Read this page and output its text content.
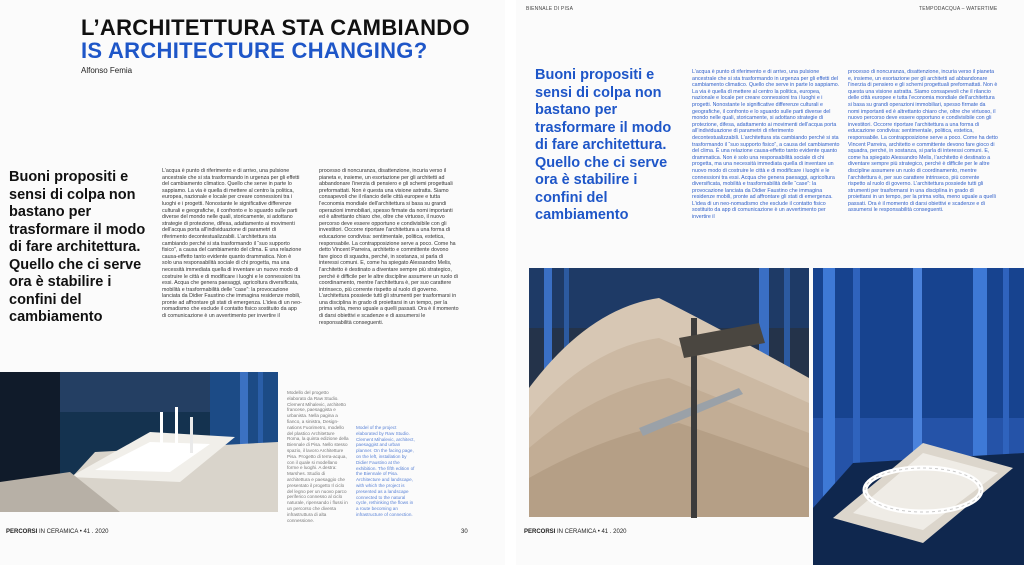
L’ARCHITETTURA STA CAMBIANDO
IS ARCHITECTURE CHANGING?
Alfonso Femia
Buoni propositi e sensi di colpa non bastano per trasformare il modo di fare architettura. Quello che ci serve ora è stabilire i confini del cambiamento
L’acqua è punto di riferimento e di arrivo, una pulsione ancestrale che si sta trasformando in urgenza per gli effetti del cambiamento climatico. Quello che serve in parte lo sappiamo. La via è quella di mettere al centro la politica, europea, nazionale e locale per creare connessioni tra i luoghi e i progetti. Nonostante le significative differenze culturali e geografiche, il confronto e lo sguardo sulle parti diverse del mondo nelle quali, storicamente, si adottano strategie di protezione, difesa, adattamento ai movimenti dell’acqua porta all’individuazione di parametri di riferimento decontestualizzabili. L’architettura sta cambiando perché si sta trasformando il “suo supporto fisico”, a causa del cambiamento del clima. E una relazione causa-effetto tanto evidente quanto drammatica. Non è solo una responsabilità sociale di chi progetta, ma una necessità immediata quella di inventare un nuovo modo di costruire le città e di modificare i luoghi e le connessioni tra essi. Acqua che genera paesaggi, agricoltura diversificata, mobilità e trasformabilità delle “case”: la provocazione lanciata da Didier Faustino che immagina residenze mobili, pronte ad affrontare gli stati di emergenza. L’idea di un neo-nomadismo che esclude il contatto fisico sostituito da app di comunicazione è un avvertimento per invertire il
processo di noncuranza, disattenzione, incuria verso il pianeta e, insieme, un esortazione per gli architetti ad abbandonare l’inerzia di pensiero e gli schemi progettuali preformattati. Non è questa una visione astratta. Siamo consapevoli che il rilancio delle città europee e tutta l’economia mondiale dell’architettura si basa su grandi operazioni immobiliari, spesso firmate da nomi importanti ed è altrettanto chiaro che, oltre che virtuoso, il nuovo percorso deve essere opportuno e condivisibile con gli investitori. Occorre riportare l’architettura a una forma di educazione condivisa: sentimentale, politica, estetica, responsabile. La contrapposizione serve a poco. Come ha detto Vincent Parreira, architetto e committente dovono fare gioco di squadra, perché, in sostanza, si parla di interessi comuni. E, come ha spiegato Alessandro Melis, l’architetto è destinato a diventare sempre più strategico, perché è difficile per le altre discipline assumere un ruolo di coordinamento, mentre l’architettura è, per suo carattere intrinseco, più corrente rispetto al ruolo di governo. L’architettura possiede tutti gli strumenti per trasformarsi in una disciplina in grado di proiettarsi in un tempo, per la prima volta, meno uguale a quelli passati. Ora è il momento di darsi obiettivi e scadenze e di assumersi le responsabilità conseguenti.
Modello del progetto elaborato da Raw Studio. Clement Mihalevic, architetto francese, paesaggista e urbanista. Nella pagina a fianco, a sinistra, Design-nations Fuorimetro, modello del plastico Architetture Roma, la quinta edizione della Biennale di Pisa. Nello stesso spazio, il lavoro Architetture Pisa. Progetto di terra-acqua, con il quale si modellano forme e luoghi. A destra: Marshes. Studio di architettura e paesaggio che presentato il progetto Il ciclo del legno per un nuovo parco periferico connesso al ciclo naturale, ripensando i flussi in un percorso che diventa infrastruttura di alta connessione.
Model of the project elaborated by Raw Studio. Clement Mihalevic, architect, paesaggist and urban planner. On the facing page, on the left, installation by Didier Faustino at the exhibition. The fifth edition of the Biennale of Pisa. Architecture and landscape, with which the project is presented as a landscape connected to the natural cycle, rethinking the flows in a route becoming an infrastructure of connection.
PERCORSI IN CERAMICA • 41 . 2020	30
BIENNALE DI PISA	TEMPODACQUA – WATERTIME
Buoni propositi e sensi di colpa non bastano per trasformare il modo di fare architettura. Quello che ci serve ora è stabilire i confini del cambiamento
L’acqua è punto di riferimento e di arrivo, una pulsione ancestrale che si sta trasformando in urgenza per gli effetti del cambiamento climatico. Quello che serve in parte lo sappiamo. La via è quella di mettere al centro la politica, europea, nazionale e locale per creare connessioni tra i luoghi e i progetti. Nonostante le significative differenze culturali e geografiche, il confronto e lo sguardo sulle parti diverse del mondo nelle quali, storicamente, si adottano strategie di protezione, difesa, adattamento ai movimenti dell’acqua porta all’individuazione di parametri di riferimento decontestualizzabili. L’architettura sta cambiando perché si sta trasformando il “suo supporto fisico”, a causa del cambiamento del clima. È una relazione causa-effetto tanto evidente quanto drammatica. Non è solo una responsabilità sociale di chi progetta, ma una necessità immediata quella di inventare un nuovo modo di costruire le città e di modificare i luoghi e le connessioni tra essi. Acqua che genera paesaggi, agricoltura diversificata, mobilità e trasformabilità delle “case”: la provocazione lanciata da Didier Faustino che immagina residenze mobili, pronte ad affrontare gli stati di emergenza. L’idea di un neo-nomadismo che esclude il contatto fisico sostituito da app di comunicazione è un avvertimento per invertire il
processo di noncuranza, disattenzione, incuria verso il pianeta e, insieme, un esortazione per gli architetti ad abbandonare l’inerzia di pensiero e gli schemi progettuali preformattati. Non è questa una visione astratta. Siamo consapevoli che il rilancio delle città europee e tutta l’economia mondiale dell’architettura si basa su grandi operazioni immobiliari, spesso firmate da nomi importanti ed è altrettanto chiaro che, oltre che virtuoso, il nuovo percorso deve essere opportuno e condivisibile con gli investitori. Occorre riportare l’architettura a una forma di educazione condivisa: sentimentale, politica, estetica, responsabile. La contrapposizione serve a poco. Come ha detto Vincent Parreira, architetto e committente devono fare gioco di squadra, perché, in sostanza, si parla di interessi comuni. E, come ha spiegato Alessandro Melis, l’architetto è destinato a diventare sempre più strategico, perché è difficile per le altre discipline assumere un ruolo di coordinamento, mentre l’architettura è, per suo carattere intrinseco, più corrente rispetto al ruolo di governo. L’architettura possiede tutti gli strumenti per trasformarsi in una disciplina in grado di proiettarsi in un tempo, per la prima volta, meno uguale a quelli passati. Ora è il momento di darsi obiettivi e scadenze e di assumersi le responsabilità conseguenti.
PERCORSI IN CERAMICA • 41 . 2020
